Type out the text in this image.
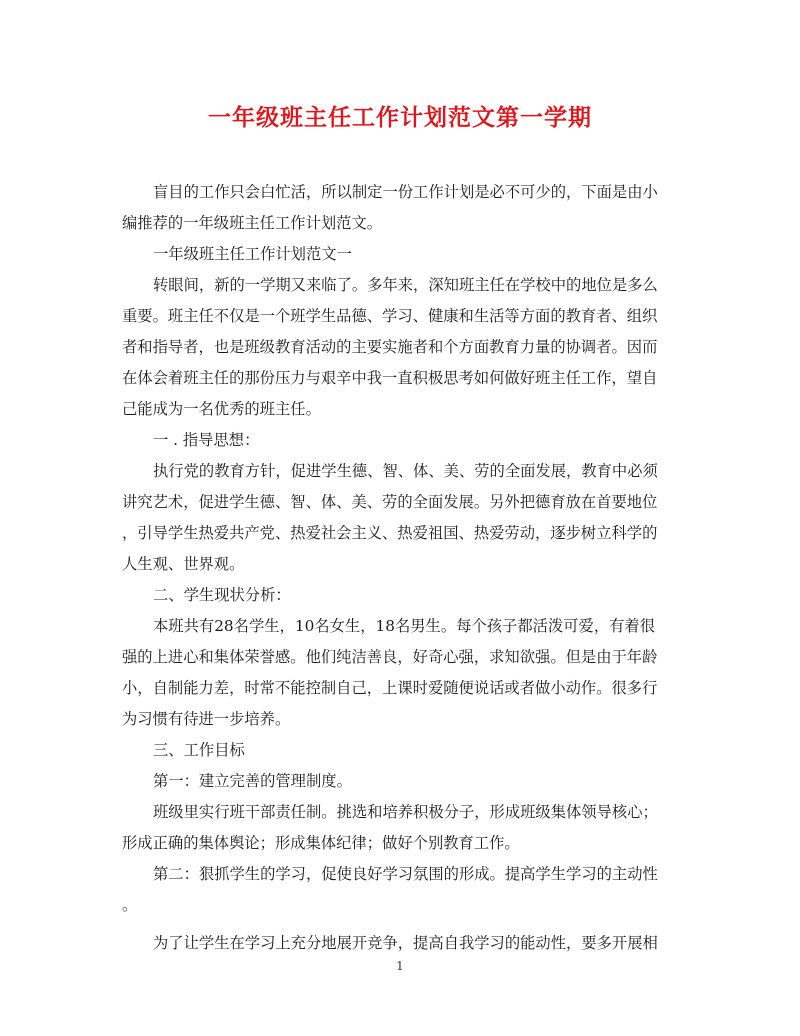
一年级班主任工作计划范文第一学期
盲目的工作只会白忙活，所以制定一份工作计划是必不可少的，下面是由小
编推荐的一年级班主任工作计划范文。
一年级班主任工作计划范文一
转眼间，新的一学期又来临了。多年来，深知班主任在学校中的地位是多么
重要。班主任不仅是一个班学生品德、学习、健康和生活等方面的教育者、组织
者和指导者，也是班级教育活动的主要实施者和个方面教育力量的协调者。因而
在体会着班主任的那份压力与艰辛中我一直积极思考如何做好班主任工作，望自
己能成为一名优秀的班主任。
一 . 指导思想：
执行党的教育方针，促进学生德、智、体、美、劳的全面发展，教育中必须
讲究艺术，促进学生德、智、体、美、劳的全面发展。另外把德育放在首要地位
，引导学生热爱共产党、热爱社会主义、热爱祖国、热爱劳动，逐步树立科学的
人生观、世界观。
二、学生现状分析：
本班共有28名学生，10名女生，18名男生。每个孩子都活泼可爱，有着很
强的上进心和集体荣誉感。他们纯洁善良，好奇心强，求知欲强。但是由于年龄
小，自制能力差，时常不能控制自己，上课时爱随便说话或者做小动作。很多行
为习惯有待进一步培养。
三、工作目标
第一：建立完善的管理制度。
班级里实行班干部责任制。挑选和培养积极分子，形成班级集体领导核心；
形成正确的集体舆论；形成集体纪律；做好个别教育工作。
第二：狠抓学生的学习，促使良好学习氛围的形成。提高学生学习的主动性
。
为了让学生在学习上充分地展开竞争，提高自我学习的能动性，要多开展相
1
